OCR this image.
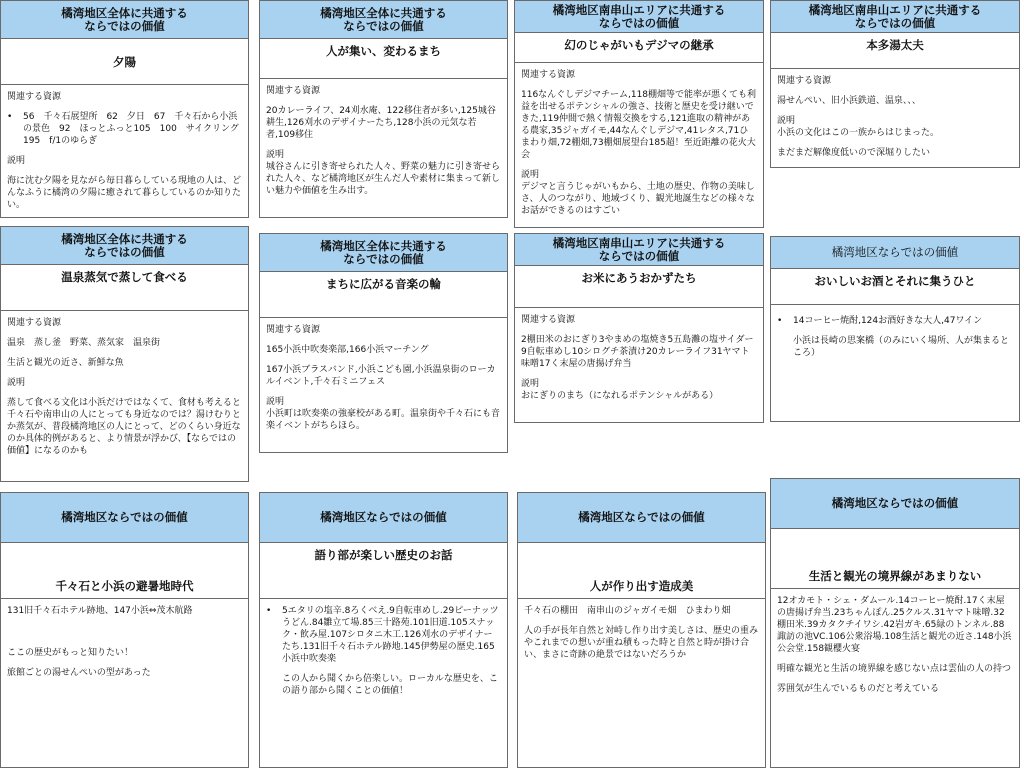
橘湾地区全体に共通する
ならではの価値
夕陽

関連する資源

•	56　千々石展望所　62　夕日　67　千々石から小浜の景色　92　ほっとふっと105　100　サイクリング　195　f/1のゆらぎ

説明

海に沈む夕陽を見ながら毎日暮らしている現地の人は、どんなふうに橘湾の夕陽に癒されて暮らしているのか知りたい。

橘湾地区全体に共通する
ならではの価値
人が集い、変わるまち

関連する資源

20カレーライフ、24刈水庵、122移住者が多い,125城谷耕生,126刈水のデザイナーたち,128小浜の元気な若者,109移住

説明

城谷さんに引き寄せられた人々、野菜の魅力に引き寄せられた人々、など橘湾地区が生んだ人や素材に集まって新しい魅力や価値を生み出す。

橘湾地区南串山エリアに共通する
ならではの価値
幻のじゃがいもデジマの継承

関連する資源

116なんぐしデジマチーム,118棚畑等で能率が悪くても利益を出せるポテンシャルの強さ、技術と歴史を受け継いできた,119仲間で熱く情報交換をする,121進取の精神がある農家,35ジャガイモ,44なんぐしデジマ,41レタス,71ひまわり畑,72棚畑,73棚畑展望台185超！至近距離の花火大会

説明

デジマと言うじゃがいもから、土地の歴史、作物の美味しさ、人のつながり、地域づくり、観光地誕生などの様々なお話ができるのはすごい

橘湾地区南串山エリアに共通する
ならではの価値
本多湯太夫

関連する資源

湯せんぺい、旧小浜鉄道、温泉、、、

説明

小浜の文化はこの一族からはじまった。

まだまだ解像度低いので深堀りしたい

橘湾地区全体に共通する
ならではの価値
温泉蒸気で蒸して食べる

関連する資源

温泉　蒸し釜　野菜、蒸気家　温泉街

生活と観光の近さ、新鮮な魚

説明

蒸して食べる文化は小浜だけではなくて、食材も考えると千々石や南串山の人にとっても身近なのでは？湯けむりとか蒸気が、普段橘湾地区の人にとって、どのくらい身近なのか具体的例があると、より情景が浮かび、【ならではの価値】になるのかも

橘湾地区全体に共通する
ならではの価値
まちに広がる音楽の輪

関連する資源

165小浜中吹奏楽部,166小浜マーチング

167小浜ブラスバンド,小浜こども園,小浜温泉街のローカルイベント,千々石ミニフェス

説明

小浜町は吹奏楽の強豪校がある町。温泉街や千々石にも音楽イベントがちらほら。

橘湾地区南串山エリアに共通する
ならではの価値
お米にあうおかずたち

関連する資源

2棚田米のおにぎり3やまめの塩焼き5五島灘の塩サイダー9自転車めし10シログチ茶漬け20カレーライフ31ヤマト味噌17く末屋の唐揚げ弁当

説明

おにぎりのまち（になれるポテンシャルがある）

橘湾地区ならではの価値
おいしいお酒とそれに集うひと
•	14コーヒー焼酎,124お酒好きな大人,47ワイン

小浜は長崎の思案橋（のみにいく場所、人が集まるところ）

橘湾地区ならではの価値
千々石と小浜の避暑地時代

131旧千々石ホテル跡地、147小浜⇔茂木航路

ここの歴史がもっと知りたい！

旅館ごとの湯せんぺいの型があった

橘湾地区ならではの価値
語り部が楽しい歴史のお話
•	5エタリの塩辛.8ろくべえ.9自転車めし.29ピーナッツうどん.84雛立て場.85三十路苑.101旧道.105スナック・飲み屋.107シロタニ木工.126刈水のデザイナーたち.131旧千々石ホテル跡地.145伊勢屋の歴史.165小浜中吹奏楽

この人から聞くから倍楽しい。ローカルな歴史を、この語り部から聞くことの価値！

橘湾地区ならではの価値
人が作り出す造成美

千々石の棚田　南串山のジャガイモ畑　ひまわり畑

人の手が長年自然と対峙し作り出す美しさは、歴史の重みやこれまでの想いが重ね積もった時と自然と時が掛け合い、まさに奇跡の絶景ではないだろうか

橘湾地区ならではの価値
生活と観光の境界線があまりない

12オカモト・シェ・ダムール.14コーヒー焼酎.17く末屋の唐揚げ弁当.23ちゃんぽん.25クルス.31ヤマト味噌.32棚田米.39カタクチイワシ.42岩ガキ.65緑のトンネル.88諏訪の池VC.106公衆浴場.108生活と観光の近さ.148小浜公会堂.158観櫻火宴

明確な観光と生活の境界線を感じない点は雲仙の人の持つ

雰囲気が生んでいるものだと考えている
